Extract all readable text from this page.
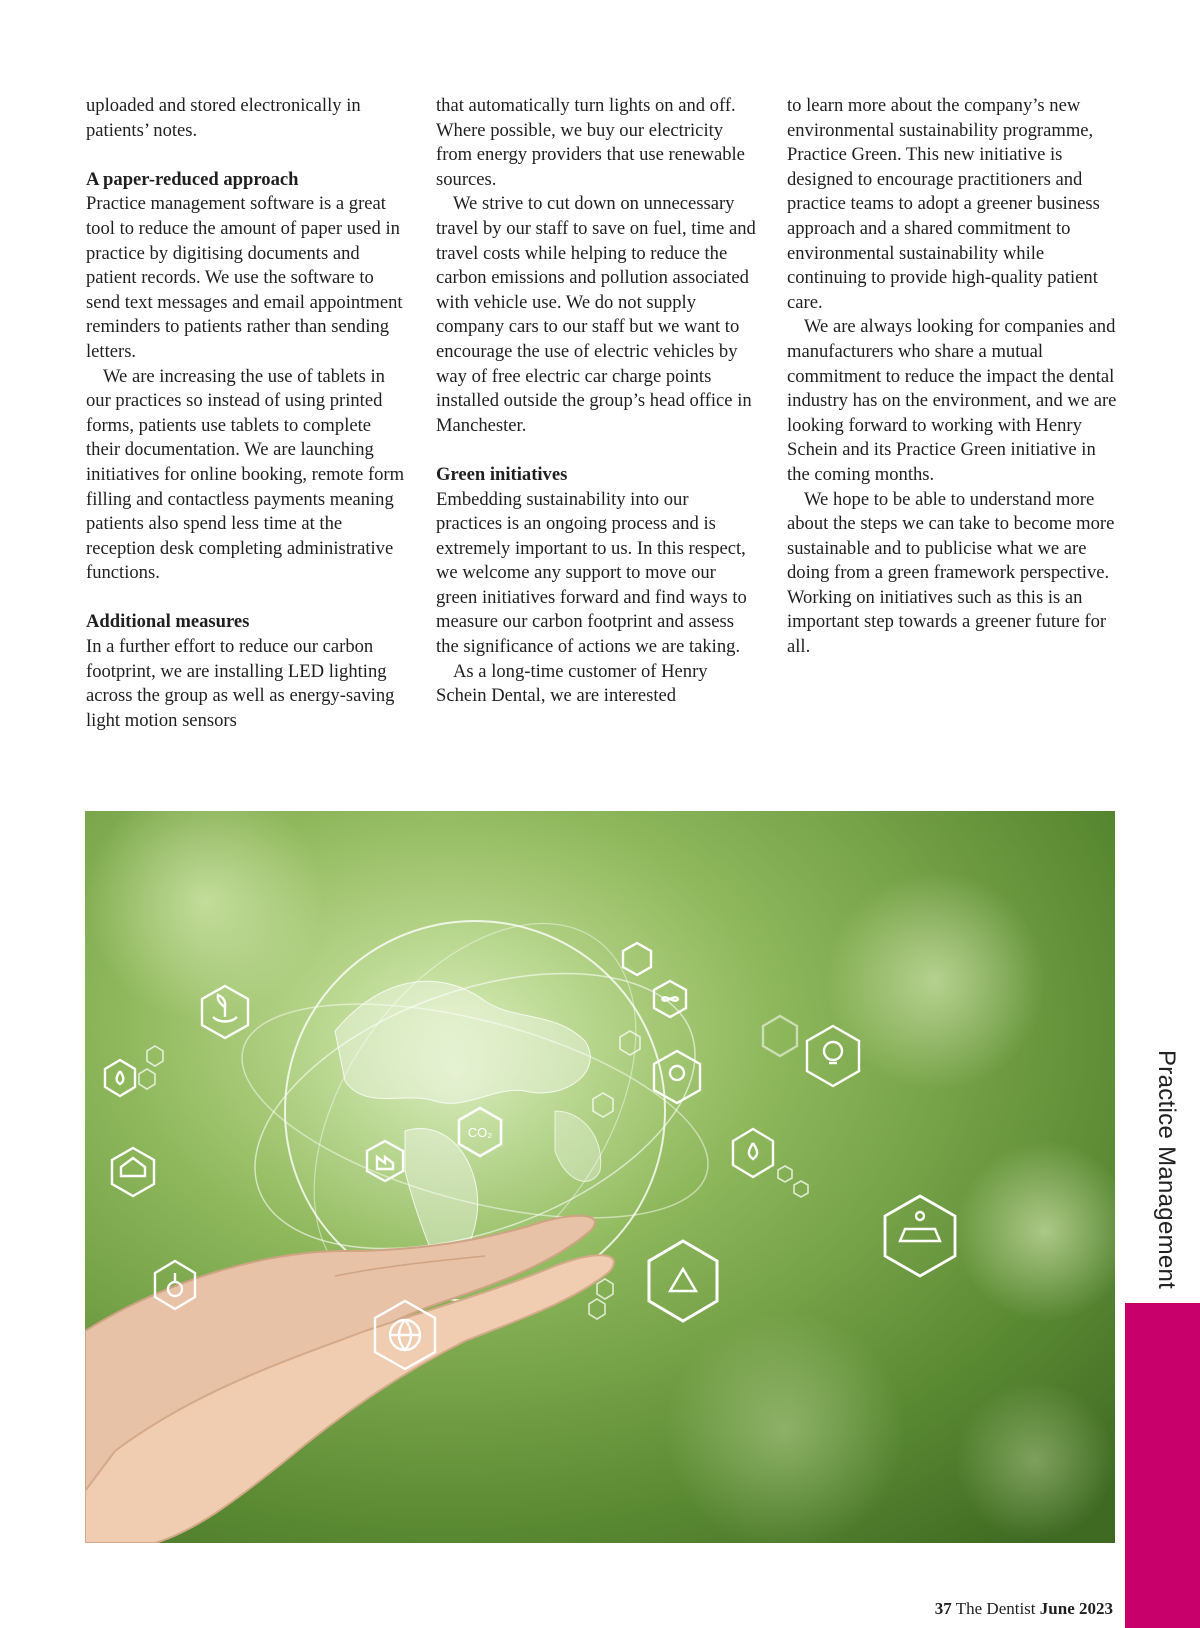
uploaded and stored electronically in patients’ notes.

A paper-reduced approach

Practice management software is a great tool to reduce the amount of paper used in practice by digitising documents and patient records. We use the software to send text messages and email appointment reminders to patients rather than sending letters.

We are increasing the use of tablets in our practices so instead of using printed forms, patients use tablets to complete their documentation. We are launching initiatives for online booking, remote form filling and contactless payments meaning patients also spend less time at the reception desk completing administrative functions.

Additional measures

In a further effort to reduce our carbon footprint, we are installing LED lighting across the group as well as energy-saving light motion sensors

that automatically turn lights on and off. Where possible, we buy our electricity from energy providers that use renewable sources.

We strive to cut down on unnecessary travel by our staff to save on fuel, time and travel costs while helping to reduce the carbon emissions and pollution associated with vehicle use. We do not supply company cars to our staff but we want to encourage the use of electric vehicles by way of free electric car charge points installed outside the group’s head office in Manchester.

Green initiatives

Embedding sustainability into our practices is an ongoing process and is extremely important to us. In this respect, we welcome any support to move our green initiatives forward and find ways to measure our carbon footprint and assess the significance of actions we are taking.

As a long-time customer of Henry Schein Dental, we are interested

to learn more about the company’s new environmental sustainability programme, Practice Green. This new initiative is designed to encourage practitioners and practice teams to adopt a greener business approach and a shared commitment to environmental sustainability while continuing to provide high-quality patient care.

We are always looking for companies and manufacturers who share a mutual commitment to reduce the impact the dental industry has on the environment, and we are looking forward to working with Henry Schein and its Practice Green initiative in the coming months.

We hope to be able to understand more about the steps we can take to become more sustainable and to publicise what we are doing from a green framework perspective. Working on initiatives such as this is an important step towards a greener future for all.

CO₂	Practice Management
37 The Dentist June 2023
